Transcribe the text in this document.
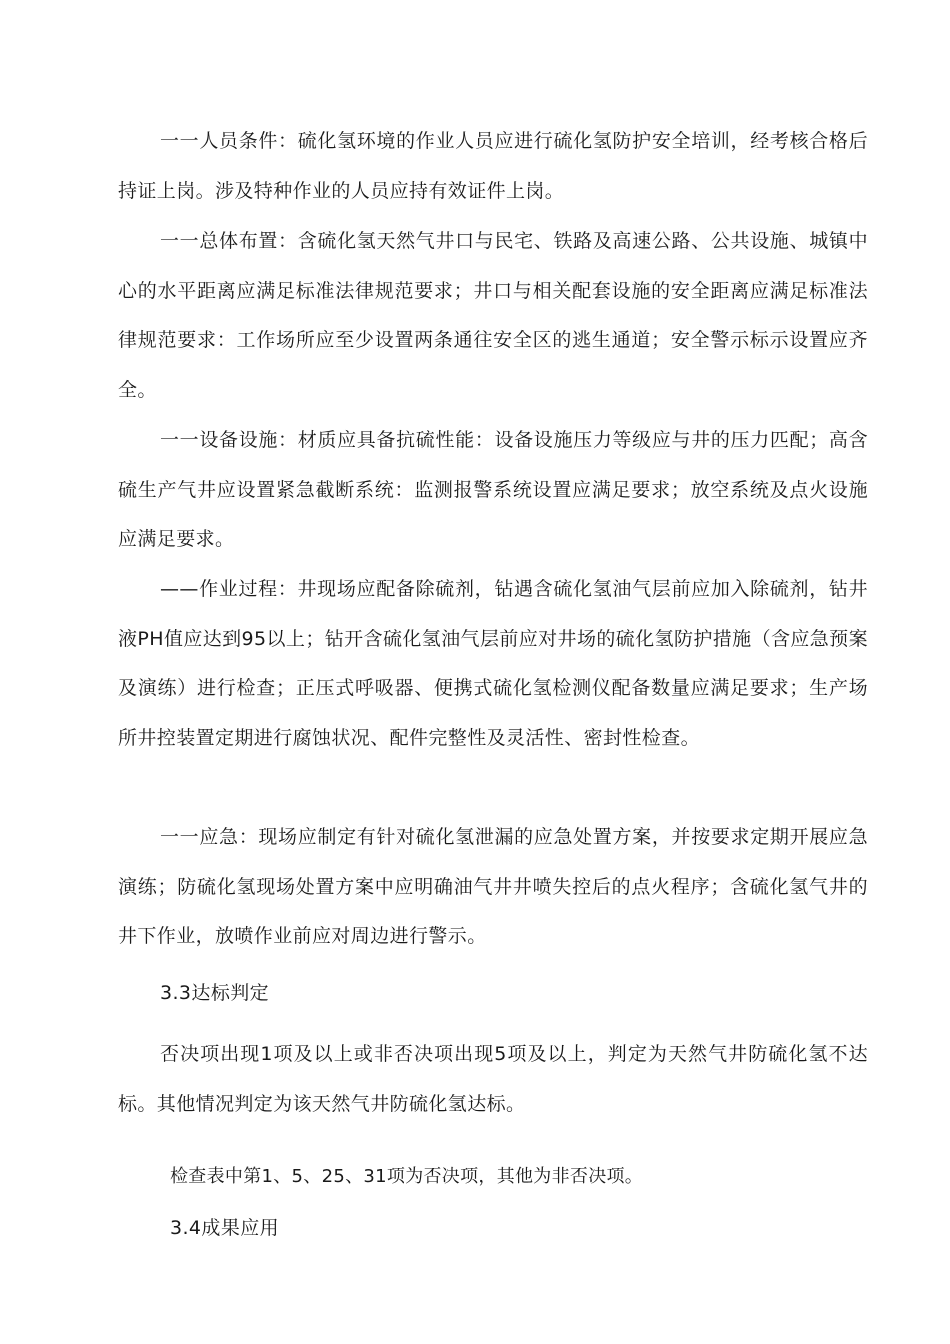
一一人员条件：硫化氢环境的作业人员应进行硫化氢防护安全培训，经考核合格后持证上岗。涉及特种作业的人员应持有效证件上岗。

一一总体布置：含硫化氢天然气井口与民宅、铁路及高速公路、公共设施、城镇中心的水平距离应满足标准法律规范要求；井口与相关配套设施的安全距离应满足标准法律规范要求：工作场所应至少设置两条通往安全区的逃生通道；安全警示标示设置应齐全。

一一设备设施：材质应具备抗硫性能：设备设施压力等级应与井的压力匹配；高含硫生产气井应设置紧急截断系统：监测报警系统设置应满足要求；放空系统及点火设施应满足要求。

——作业过程：井现场应配备除硫剂，钻遇含硫化氢油气层前应加入除硫剂，钻井液PH值应达到95以上；钻开含硫化氢油气层前应对井场的硫化氢防护措施（含应急预案及演练）进行检查；正压式呼吸器、便携式硫化氢检测仪配备数量应满足要求；生产场所井控装置定期进行腐蚀状况、配件完整性及灵活性、密封性检查。

一一应急：现场应制定有针对硫化氢泄漏的应急处置方案，并按要求定期开展应急演练；防硫化氢现场处置方案中应明确油气井井喷失控后的点火程序；含硫化氢气井的井下作业，放喷作业前应对周边进行警示。

3.3达标判定

否决项出现1项及以上或非否决项出现5项及以上，判定为天然气井防硫化氢不达标。其他情况判定为该天然气井防硫化氢达标。

检查表中第1、5、25、31项为否决项，其他为非否决项。

3.4成果应用
